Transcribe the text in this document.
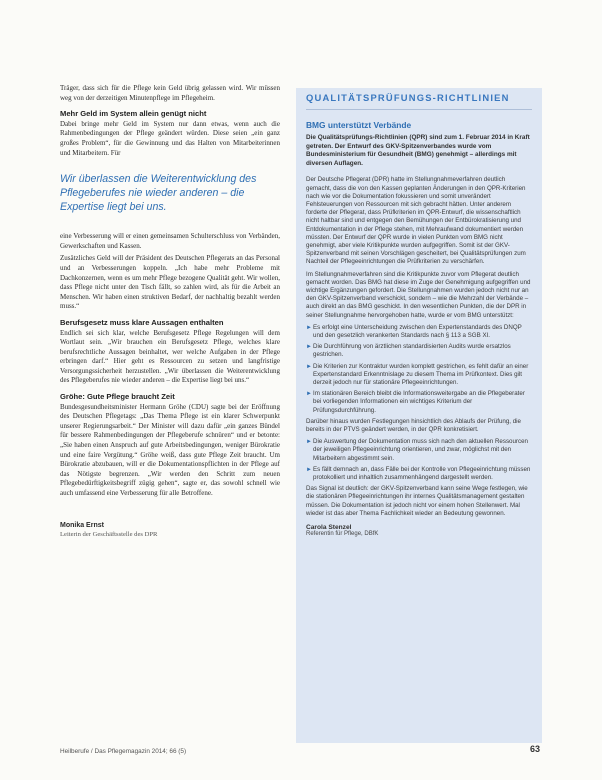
Träger, dass sich für die Pflege kein Geld übrig gelassen wird. Wir müssen weg von der derzeitigen Minutenpflege im Pflegeheim.

Mehr Geld im System allein genügt nicht

Dabei bringe mehr Geld im System nur dann etwas, wenn auch die Rahmenbedingungen der Pflege geändert würden. Diese seien „ein ganz großes Problem“, für die Gewinnung und das Halten von Mitarbeiterinnen und Mitarbeitern. Für

Wir überlassen die Weiterentwicklung des Pflegeberufes nie wieder anderen – die Expertise liegt bei uns.

eine Verbesserung will er einen gemeinsamen Schulterschluss von Verbänden, Gewerkschaften und Kassen.

Zusätzliches Geld will der Präsident des Deutschen Pflegerats an das Personal und an Verbesserungen koppeln. „Ich habe mehr Probleme mit Dachkonzernen, wenn es um mehr Pflege bezogene Qualität geht. Wir wollen, dass Pflege nicht unter den Tisch fällt, so zahlen wird, als für die Arbeit an Menschen. Wir haben einen struktiven Bedarf, der nachhaltig bezahlt werden muss.“

Berufsgesetz muss klare Aussagen enthalten

Endlich sei sich klar, welche Berufsgesetz Pflege Regelungen will dem Wortlaut sein. „Wir brauchen ein Berufsgesetz Pflege, welches klare berufsrechtliche Aussagen beinhaltet, wer welche Aufgaben in der Pflege erbringen darf.“ Hier geht es Ressourcen zu setzen und langfristige Versorgungssicherheit herzustellen. „Wir überlassen die Weiterentwicklung des Pflegeberufes nie wieder anderen – die Expertise liegt bei uns.“

Gröhe: Gute Pflege braucht Zeit

Bundesgesundheitsminister Hermann Gröhe (CDU) sagte bei der Eröffnung des Deutschen Pflegetags: „Das Thema Pflege ist ein klarer Schwerpunkt unserer Regierungsarbeit.“ Der Minister will dazu dafür „ein ganzes Bündel für bessere Rahmenbedingungen der Pflegeberufe schnüren“ und er betonte: „Sie haben einen Anspruch auf gute Arbeitsbedingungen, weniger Bürokratie und eine faire Vergütung.“ Gröhe weiß, dass gute Pflege Zeit braucht. Um Bürokratie abzubauen, will er die Dokumentationspflichten in der Pflege auf das Nötigste begrenzen. „Wir werden den Schritt zum neuen Pflegebedürftigkeitsbegriff zügig gehen“, sagte er, das sowohl schnell wie auch umfassend eine Verbesserung für alle Betroffene.

Monika Ernst
Leiterin der Geschäftsstelle des DPR
QUALITÄTSPRÜFUNGS-RICHTLINIEN
BMG unterstützt Verbände
Die Qualitätsprüfungs-Richtlinien (QPR) sind zum 1. Februar 2014 in Kraft getreten. Der Entwurf des GKV-Spitzenverbandes wurde vom Bundesministerium für Gesundheit (BMG) genehmigt – allerdings mit diversen Auflagen.

Der Deutsche Pflegerat (DPR) hatte im Stellungnahmeverfahren deutlich gemacht, dass die von den Kassen geplanten Änderungen in den QPR-Kriterien nach wie vor die Dokumentation fokussieren und somit unverändert Fehlsteuerungen von Ressourcen mit sich gebracht hätten. Unter anderem forderte der Pflegerat, dass Prüfkriterien im QPR-Entwurf, die wissenschaftlich nicht haltbar sind und entgegen den Bemühungen der Entbürokratisierung und Entdokumentation in der Pflege stehen, mit Mehraufwand dokumentiert werden müssten. Der Entwurf der QPR wurde in vielen Punkten vom BMG nicht genehmigt, aber viele Kritikpunkte wurden aufgegriffen. Somit ist der GKV-Spitzenverband mit seinen Vorschlägen gescheitert, bei Qualitätsprüfungen zum Nachteil der Pflegeeinrichtungen die Prüfkriterien zu verschärfen.

Im Stellungnahmeverfahren sind die Kritikpunkte zuvor vom Pflegerat deutlich gemacht worden. Das BMG hat diese im Zuge der Genehmigung aufgegriffen und wichtige Ergänzungen gefordert. Die Stellungnahmen wurden jedoch nicht nur an den GKV-Spitzenverband verschickt, sondern – wie die Mehrzahl der Verbände – auch direkt an das BMG geschickt. In den wesentlichen Punkten, die der DPR in seiner Stellungnahme hervorgehoben hatte, wurde er vom BMG unterstützt:

► Es erfolgt eine Unterscheidung zwischen den Expertenstandards des DNQP und den gesetzlich verankerten Standards nach § 113 a SGB XI.
► Die Durchführung von ärztlichen standardisierten Audits wurde ersatzlos gestrichen.
► Die Kriterien zur Kontraktur wurden komplett gestrichen, es fehlt dafür an einer Expertenstandard Erkenntnislage zu diesem Thema im Prüfkontext. Dies gilt derzeit jedoch nur für stationäre Pflegeeinrichtungen.
► Im stationären Bereich bleibt die Informationsweitergabe an die Pflegeberater bei vorliegenden Informationen ein wichtiges Kriterium der Prüfungsdurchführung.

Darüber hinaus wurden Festlegungen hinsichtlich des Ablaufs der Prüfung, die bereits in der PTVS geändert werden, in der QPR konkretisiert.

► Die Auswertung der Dokumentation muss sich nach den aktuellen Ressourcen der jeweiligen Pflegeeinrichtung orientieren, und zwar, möglichst mit den Mitarbeitern abgestimmt sein.
► Es fällt demnach an, dass Fälle bei der Kontrolle von Pflegeeinrichtung müssen protokolliert und inhaltlich zusammenhängend dargestellt werden.

Das Signal ist deutlich: der GKV-Spitzenverband kann seine Wege festlegen, wie die stationären Pflegeeinrichtungen ihr internes Qualitätsmanagement gestalten müssen. Die Dokumentation ist jedoch nicht vor einem hohen Stellenwert. Mal wieder ist das aber Thema Fachlichkeit wieder an Bedeutung gewonnen.

Carola Stenzel
Referentin für Pflege, DBfK
Heilberufe / Das Pflegemagazin 2014; 66 (5)	63
